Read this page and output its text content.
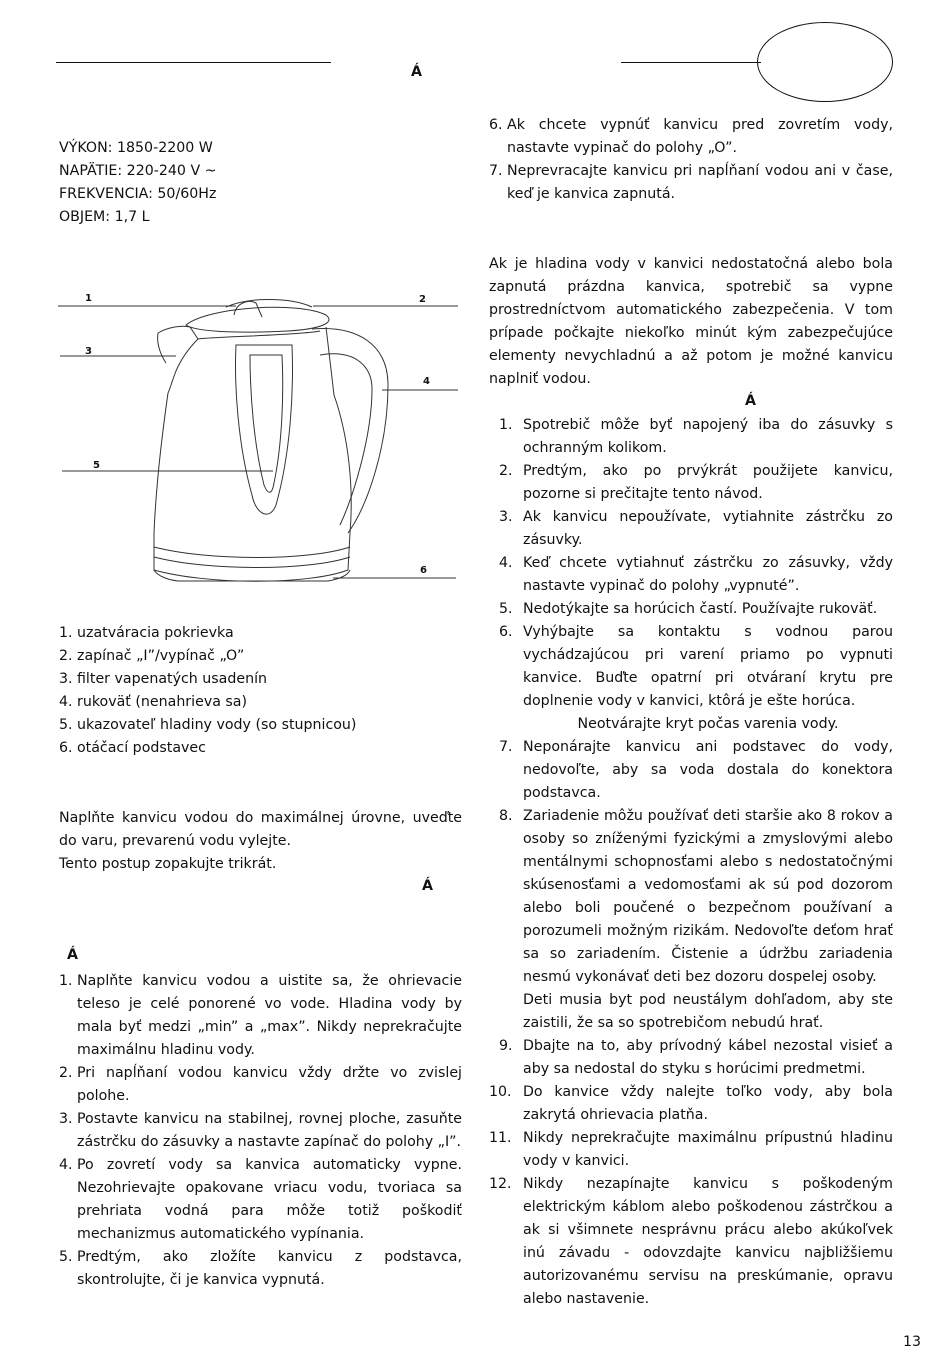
Á

VÝKON: 1850-2200 W

NAPÄTIE: 220-240 V ~

FREKVENCIA: 50/60Hz

OBJEM: 1,7 L

1	2
3
4
5
6
1. uzatváracia pokrievka
2. zapínač „I”/vypínač „O”
3. filter vapenatých usadenín
4. rukoväť (nenahrieva sa)
5. ukazovateľ hladiny vody (so stupnicou)
6. otáčací podstavec

Naplňte kanvicu vodou do maximálnej úrovne, uveďte do varu, prevarenú vodu vylejte.

Tento postup zopakujte trikrát.

Á
Á
1. Naplňte kanvicu vodou a uistite sa, že ohrievacie teleso je celé ponorené vo vode. Hladina vody by mala byť medzi „min” a „max”. Nikdy neprekračujte maximálnu hladinu vody.
2. Pri napĺňaní vodou kanvicu vždy držte vo zvislej polohe.
3. Postavte kanvicu na stabilnej, rovnej ploche, zasuňte zástrčku do zásuvky a nastavte zapínač do polohy „I”.
4. Po zovretí vody sa kanvica automaticky vypne. Nezohrievajte opakovane vriacu vodu, tvoriaca sa prehriata vodná para môže totiž poškodiť mechanizmus automatického vypínania.
5. Predtým, ako zložíte kanvicu z podstavca, skontrolujte, či je kanvica vypnutá.
6. Ak chcete vypnúť kanvicu pred zovretím vody, nastavte vypinač do polohy „O”.
7. Neprevracajte kanvicu pri napĺňaní vodou ani v čase, keď je kanvica zapnutá.

Ak je hladina vody v kanvici nedostatočná alebo bola zapnutá prázdna kanvica, spotrebič sa vypne prostredníctvom automatického zabezpečenia. V tom prípade počkajte niekoľko minút kým zabezpečujúce elementy nevychladnú a až potom je možné kanvicu naplniť vodou.

Á
1. Spotrebič môže byť napojený iba do zásuvky s ochranným kolikom.
2. Predtým, ako po prvýkrát použijete kanvicu, pozorne si prečitajte tento návod.
3. Ak kanvicu nepoužívate, vytiahnite zástrčku zo zásuvky.
4. Keď chcete vytiahnuť zástrčku zo zásuvky, vždy nastavte vypinač do polohy „vypnuté”.
5. Nedotýkajte sa horúcich častí. Používajte rukoväť.
6. Vyhýbajte sa kontaktu s vodnou parou vychádzajúcou pri varení priamo po vypnuti kanvice. Buďte opatrní pri otváraní krytu pre doplnenie vody v kanvici, ktôrá je ešte horúca.
Neotvárajte kryt počas varenia vody.
7. Neponárajte kanvicu ani podstavec do vody, nedovoľte, aby sa voda dostala do konektora podstavca.
8. Zariadenie môžu používať deti staršie ako 8 rokov a osoby so zníženými fyzickými a zmyslovými alebo mentálnymi schopnosťami alebo s nedostatočnými skúsenosťami a vedomosťami ak sú pod dozorom alebo boli poučené o bezpečnom používaní a porozumeli možným rizikám. Nedovoľte deťom hrať sa so zariadením. Čistenie a údržbu zariadenia nesmú vykonávať deti bez dozoru dospelej osoby.
Deti musia byt pod neustálym dohľadom, aby ste zaistili, že sa so spotrebičom nebudú hrať.
9. Dbajte na to, aby prívodný kábel nezostal visieť a aby sa nedostal do styku s horúcimi predmetmi.
10. Do kanvice vždy nalejte toľko vody, aby bola zakrytá ohrievacia platňa.
11. Nikdy neprekračujte maximálnu prípustnú hladinu vody v kanvici.
12. Nikdy nezapínajte kanvicu s poškodeným elektrickým káblom alebo poškodenou zástrčkou a ak si všimnete nesprávnu prácu alebo akúkoľvek inú závadu - odovzdajte kanvicu najbližšiemu autorizovanému servisu na preskúmanie, opravu alebo nastavenie.
13
